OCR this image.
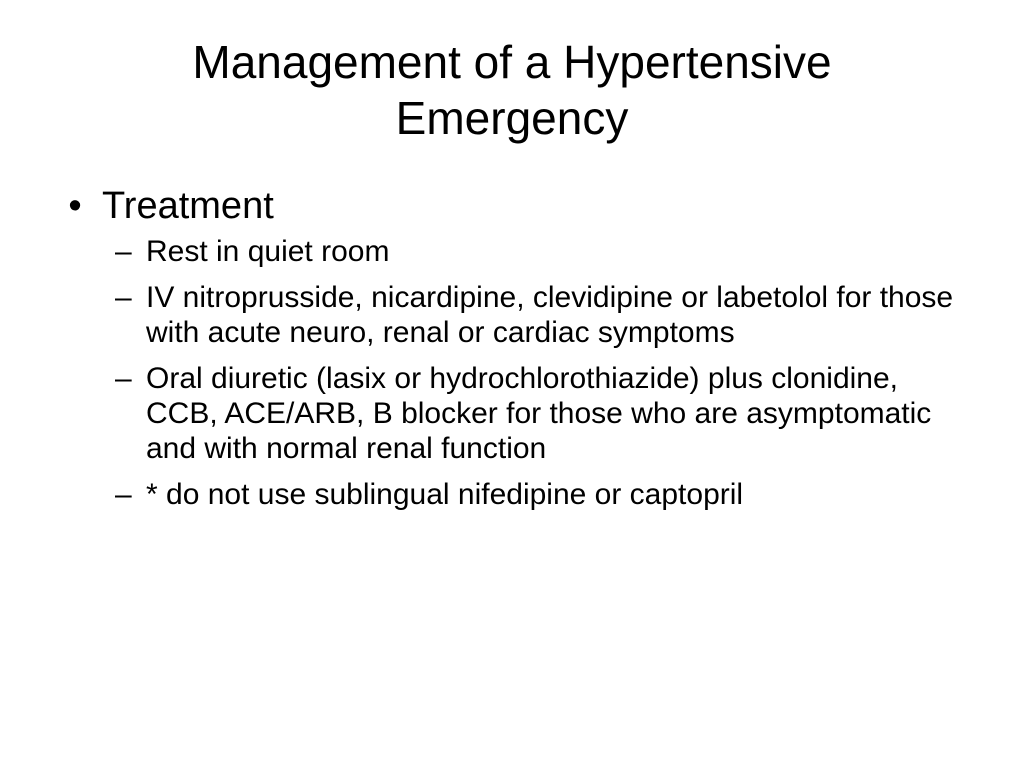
Management of a Hypertensive
Emergency
• Treatment
– Rest in quiet room
– IV nitroprusside, nicardipine, clevidipine or labetolol for those with acute neuro, renal or cardiac symptoms
– Oral diuretic (lasix or hydrochlorothiazide) plus clonidine, CCB, ACE/ARB, B blocker for those who are asymptomatic and with normal renal function
– * do not use sublingual nifedipine or captopril
